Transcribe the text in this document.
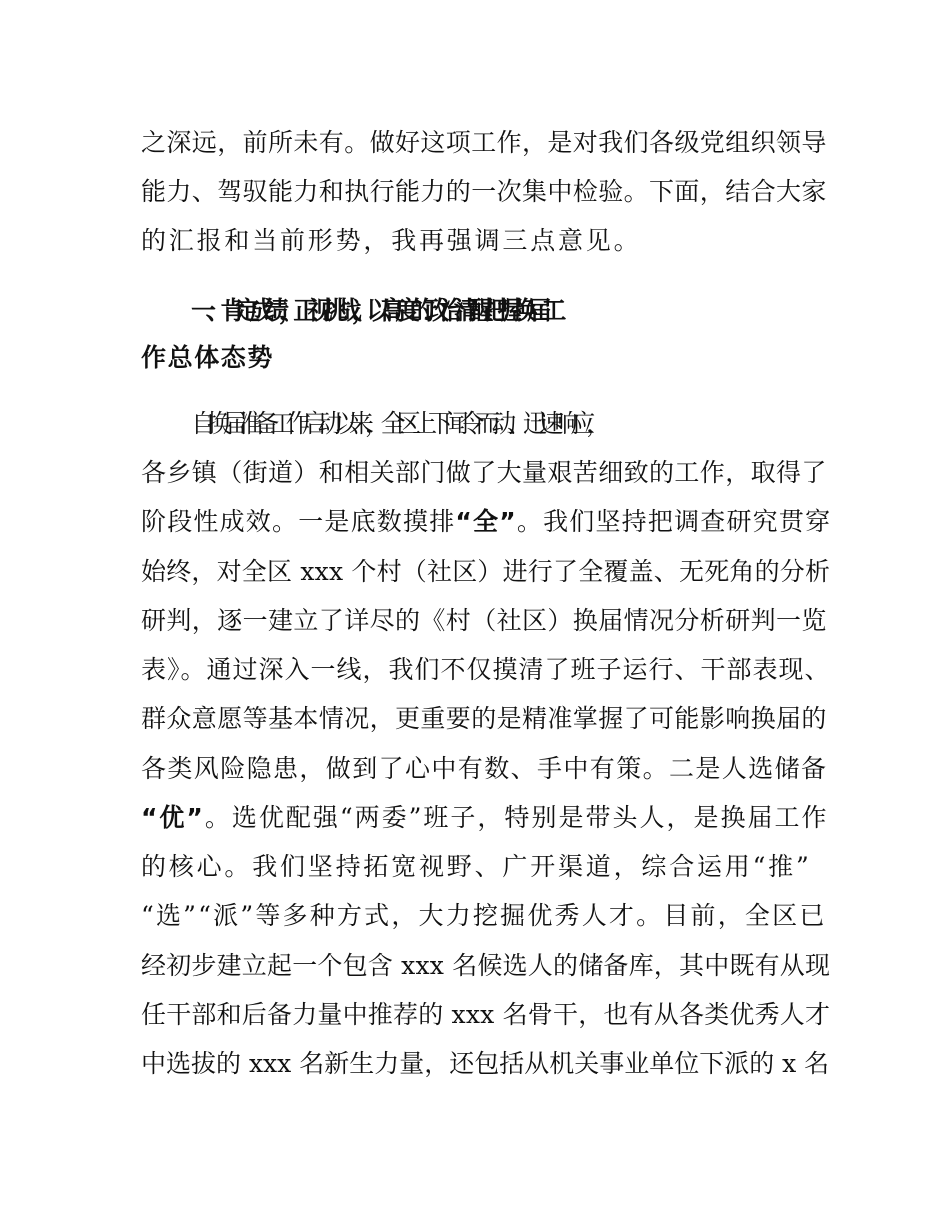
之深远，前所未有。做好这项工作，是对我们各级党组织领导
能力、驾驭能力和执行能力的一次集中检验。下面，结合大家
的汇报和当前形势，我再强调三点意见。
一、肯定成绩，正视挑战，以高度的政治清醒把握换届工
作总体态势
自换届准备工作启动以来，全区上下闻令而动、迅速响应，
各乡镇（街道）和相关部门做了大量艰苦细致的工作，取得了
阶段性成效。一是底数摸排“全”。我们坚持把调查研究贯穿
始终，对全区 xxx 个村（社区）进行了全覆盖、无死角的分析
研判，逐一建立了详尽的《村（社区）换届情况分析研判一览
表》。通过深入一线，我们不仅摸清了班子运行、干部表现、
群众意愿等基本情况，更重要的是精准掌握了可能影响换届的
各类风险隐患，做到了心中有数、手中有策。二是人选储备
“优”。选优配强“两委”班子，特别是带头人，是换届工作
的核心。我们坚持拓宽视野、广开渠道，综合运用“推”
“选”“派”等多种方式，大力挖掘优秀人才。目前，全区已
经初步建立起一个包含 xxx 名候选人的储备库，其中既有从现
任干部和后备力量中推荐的 xxx 名骨干，也有从各类优秀人才
中选拔的 xxx 名新生力量，还包括从机关事业单位下派的 x 名
